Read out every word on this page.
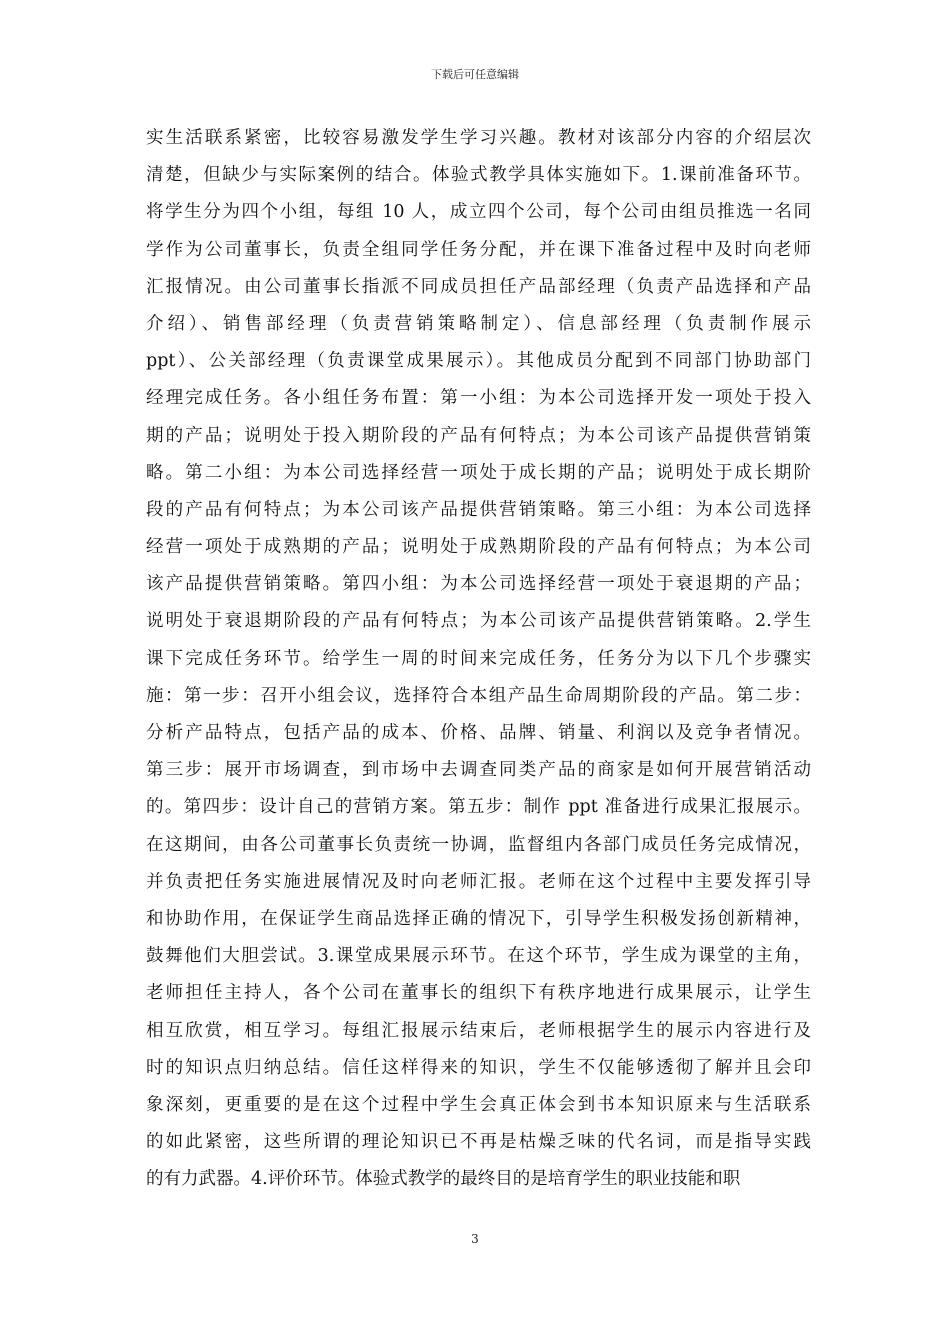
下载后可任意编辑
实生活联系紧密，比较容易激发学生学习兴趣。教材对该部分内容的介绍层次
清楚，但缺少与实际案例的结合。体验式教学具体实施如下。1.课前准备环节。
将学生分为四个小组，每组 10 人，成立四个公司，每个公司由组员推选一名同
学作为公司董事长，负责全组同学任务分配，并在课下准备过程中及时向老师
汇报情况。由公司董事长指派不同成员担任产品部经理（负责产品选择和产品
介绍）、销售部经理（负责营销策略制定）、信息部经理（负责制作展示
ppt）、公关部经理（负责课堂成果展示）。其他成员分配到不同部门协助部门
经理完成任务。各小组任务布置：第一小组：为本公司选择开发一项处于投入
期的产品；说明处于投入期阶段的产品有何特点；为本公司该产品提供营销策
略。第二小组：为本公司选择经营一项处于成长期的产品；说明处于成长期阶
段的产品有何特点；为本公司该产品提供营销策略。第三小组：为本公司选择
经营一项处于成熟期的产品；说明处于成熟期阶段的产品有何特点；为本公司
该产品提供营销策略。第四小组：为本公司选择经营一项处于衰退期的产品；
说明处于衰退期阶段的产品有何特点；为本公司该产品提供营销策略。2.学生
课下完成任务环节。给学生一周的时间来完成任务，任务分为以下几个步骤实
施：第一步：召开小组会议，选择符合本组产品生命周期阶段的产品。第二步：
分析产品特点，包括产品的成本、价格、品牌、销量、利润以及竞争者情况。
第三步：展开市场调查，到市场中去调查同类产品的商家是如何开展营销活动
的。第四步：设计自己的营销方案。第五步：制作 ppt 准备进行成果汇报展示。
在这期间，由各公司董事长负责统一协调，监督组内各部门成员任务完成情况，
并负责把任务实施进展情况及时向老师汇报。老师在这个过程中主要发挥引导
和协助作用，在保证学生商品选择正确的情况下，引导学生积极发扬创新精神，
鼓舞他们大胆尝试。3.课堂成果展示环节。在这个环节，学生成为课堂的主角，
老师担任主持人，各个公司在董事长的组织下有秩序地进行成果展示，让学生
相互欣赏，相互学习。每组汇报展示结束后，老师根据学生的展示内容进行及
时的知识点归纳总结。信任这样得来的知识，学生不仅能够透彻了解并且会印
象深刻，更重要的是在这个过程中学生会真正体会到书本知识原来与生活联系
的如此紧密，这些所谓的理论知识已不再是枯燥乏味的代名词，而是指导实践
的有力武器。4.评价环节。体验式教学的最终目的是培育学生的职业技能和职
3
